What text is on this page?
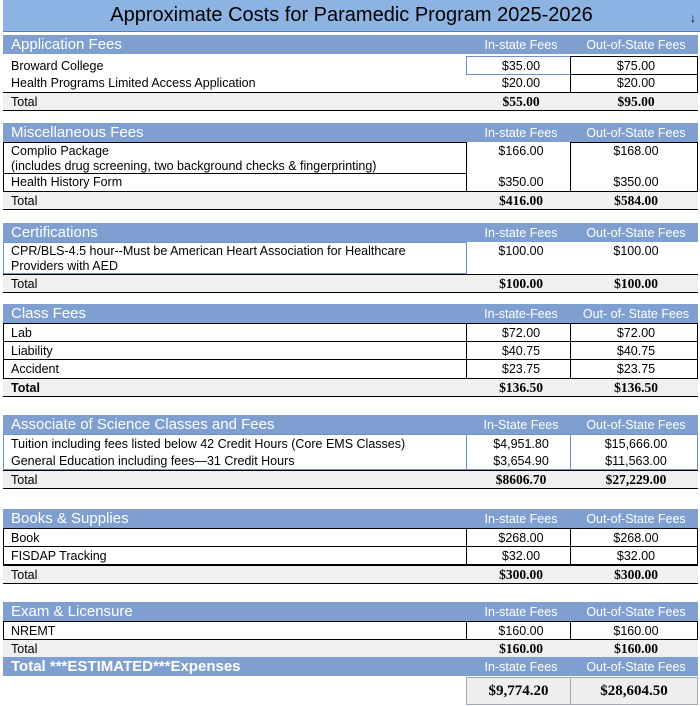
Approximate Costs for Paramedic Program 2025-2026	↓
Application Fees	In-state Fees	Out-of-State Fees
Broward College	$35.00	$75.00
Health Programs Limited Access Application	$20.00	$20.00
Total	$55.00	$95.00
Miscellaneous Fees	In-state Fees	Out-of-State Fees
Complio Package
(includes drug screening, two background checks & fingerprinting)
$166.00	$168.00
Health History Form	$350.00	$350.00
Total	$416.00	$584.00
Certifications	In-state Fees	Out-of-State Fees
CPR/BLS-4.5 hour--Must be American Heart Association for Healthcare
Providers with AED
$100.00	$100.00
Total	$100.00	$100.00
Class Fees	In-state-Fees	Out- of- State Fees
Lab	$72.00	$72.00
Liability	$40.75	$40.75
Accident	$23.75	$23.75
Total	$136.50	$136.50
Associate of Science Classes and Fees	In-State Fees	Out-of-State Fees
Tuition including fees listed below 42 Credit Hours (Core EMS Classes)	$4,951.80	$15,666.00
General Education including fees—31 Credit Hours	$3,654.90	$11,563.00
Total	$8606.70	$27,229.00
Books & Supplies	In-state Fees	Out-of-State Fees
Book	$268.00	$268.00
FISDAP Tracking	$32.00	$32.00
Total	$300.00	$300.00
Exam & Licensure	In-state Fees	Out-of-State Fees
NREMT	$160.00	$160.00
Total	$160.00	$160.00
Total ***ESTIMATED***Expenses	In-state Fees	Out-of-State Fees
$9,774.20	$28,604.50
